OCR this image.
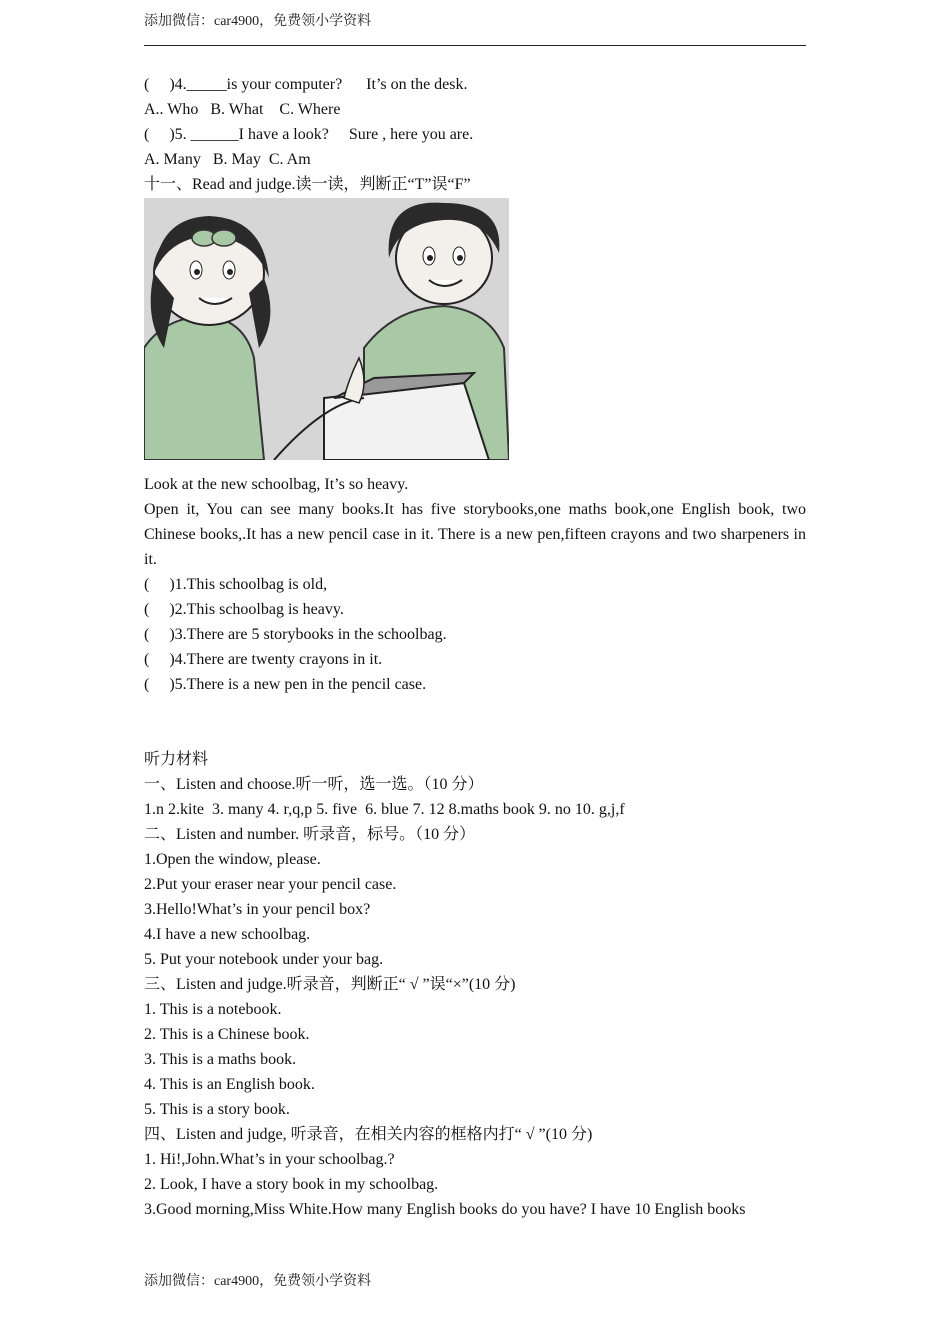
添加微信：car4900，免费领小学资料
(     )4._____is your computer?      It’s on the desk.
A.. Who   B. What    C. Where
(     )5. ______I have a look?     Sure , here you are.
A. Many   B. May  C. Am
十一、Read and judge.读一读，判断正“T”误“F”
Look at the new schoolbag, It’s so heavy.
Open it, You can see many books.It has five storybooks,one maths book,one English book, two Chinese books,.It has a new pencil case in it. There is a new pen,fifteen crayons and two sharpeners in it.
(     )1.This schoolbag is old,
(     )2.This schoolbag is heavy.
(     )3.There are 5 storybooks in the schoolbag.
(     )4.There are twenty crayons in it.
(     )5.There is a new pen in the pencil case.
听力材料
一、Listen and choose.听一听，选一选。（10 分）
1.n 2.kite  3. many 4. r,q,p 5. five  6. blue 7. 12 8.maths book 9. no 10. g,j,f
二、Listen and number. 听录音，标号。（10 分）
1.Open the window, please.
2.Put your eraser near your pencil case.
3.Hello!What’s in your pencil box?
4.I have a new schoolbag.
5. Put your notebook under your bag.
三、Listen and judge.听录音，判断正“ √ ”误“×”(10 分)
1. This is a notebook.
2. This is a Chinese book.
3. This is a maths book.
4. This is an English book.
5. This is a story book.
四、Listen and judge, 听录音，在相关内容的框格内打“ √ ”(10 分)
1. Hi!,John.What’s in your schoolbag.?
2. Look, I have a story book in my schoolbag.
3.Good morning,Miss White.How many English books do you have? I have 10 English books
添加微信：car4900，免费领小学资料
